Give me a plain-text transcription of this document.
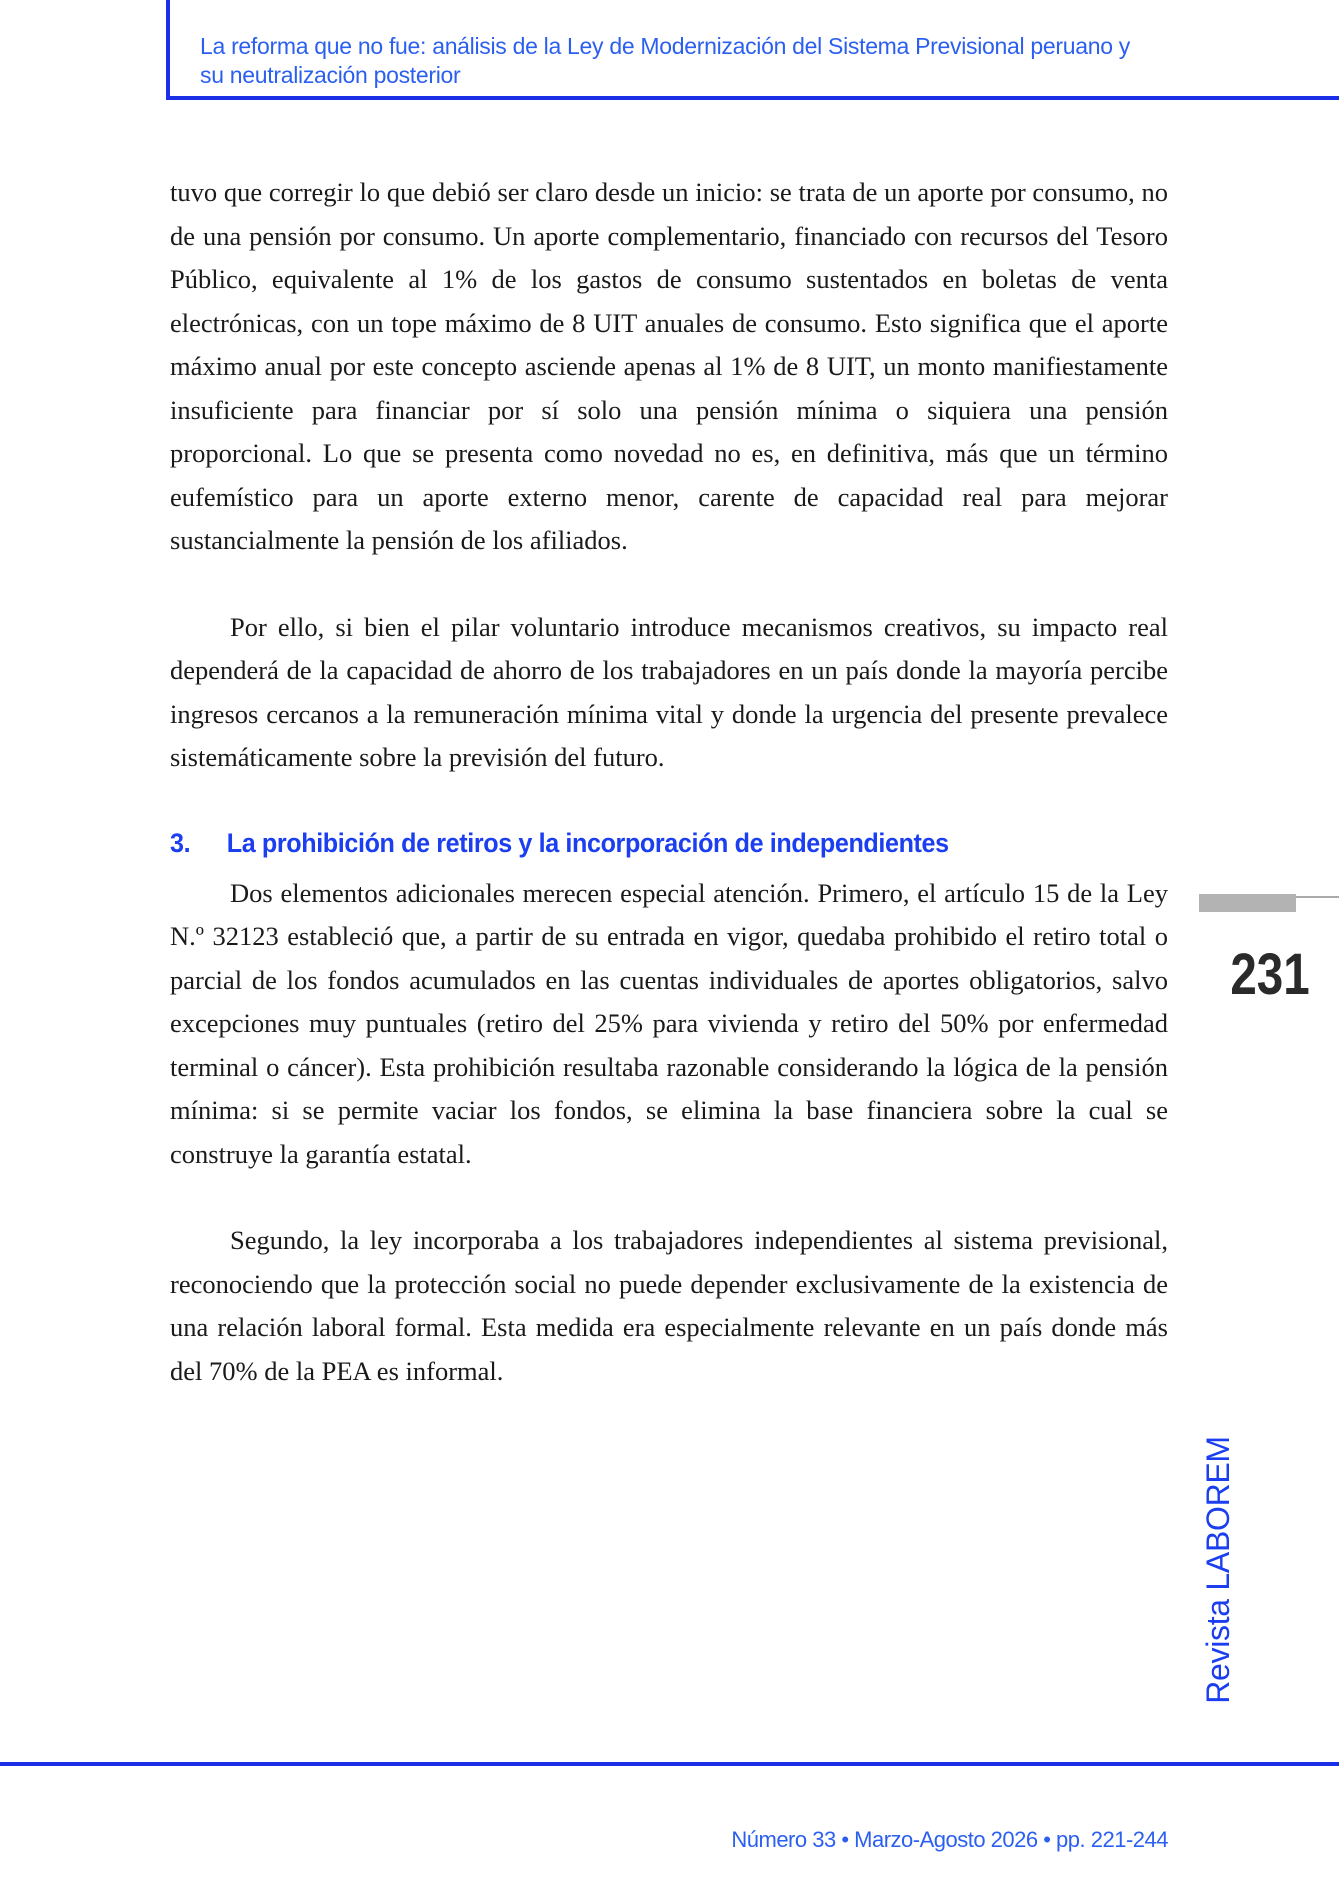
La reforma que no fue: análisis de la Ley de Modernización del Sistema Previsional peruano y su neutralización posterior

tuvo que corregir lo que debió ser claro desde un inicio: se trata de un aporte por consumo, no de una pensión por consumo. Un aporte complementario, financiado con recursos del Tesoro Público, equivalente al 1% de los gastos de consumo sustentados en boletas de venta electrónicas, con un tope máximo de 8 UIT anuales de consumo. Esto significa que el aporte máximo anual por este concepto asciende apenas al 1% de 8 UIT, un monto manifiestamente insuficiente para financiar por sí solo una pensión mínima o siquiera una pensión proporcional. Lo que se presenta como novedad no es, en definitiva, más que un término eufemístico para un aporte externo menor, carente de capacidad real para mejorar sustancialmente la pensión de los afiliados.

Por ello, si bien el pilar voluntario introduce mecanismos creativos, su impacto real dependerá de la capacidad de ahorro de los trabajadores en un país donde la mayoría percibe ingresos cercanos a la remuneración mínima vital y donde la urgencia del presente prevalece sistemáticamente sobre la previsión del futuro.

3. La prohibición de retiros y la incorporación de independientes

Dos elementos adicionales merecen especial atención. Primero, el artículo 15 de la Ley N.º 32123 estableció que, a partir de su entrada en vigor, quedaba prohibido el retiro total o parcial de los fondos acumulados en las cuentas individuales de aportes obligatorios, salvo excepciones muy puntuales (retiro del 25% para vivienda y retiro del 50% por enfermedad terminal o cáncer). Esta prohibición resultaba razonable considerando la lógica de la pensión mínima: si se permite vaciar los fondos, se elimina la base financiera sobre la cual se construye la garantía estatal.

Segundo, la ley incorporaba a los trabajadores independientes al sistema previsional, reconociendo que la protección social no puede depender exclusivamente de la existencia de una relación laboral formal. Esta medida era especialmente relevante en un país donde más del 70% de la PEA es informal.

231
Revista LABOREM
Número 33 • Marzo-Agosto 2026 • pp. 221-244
